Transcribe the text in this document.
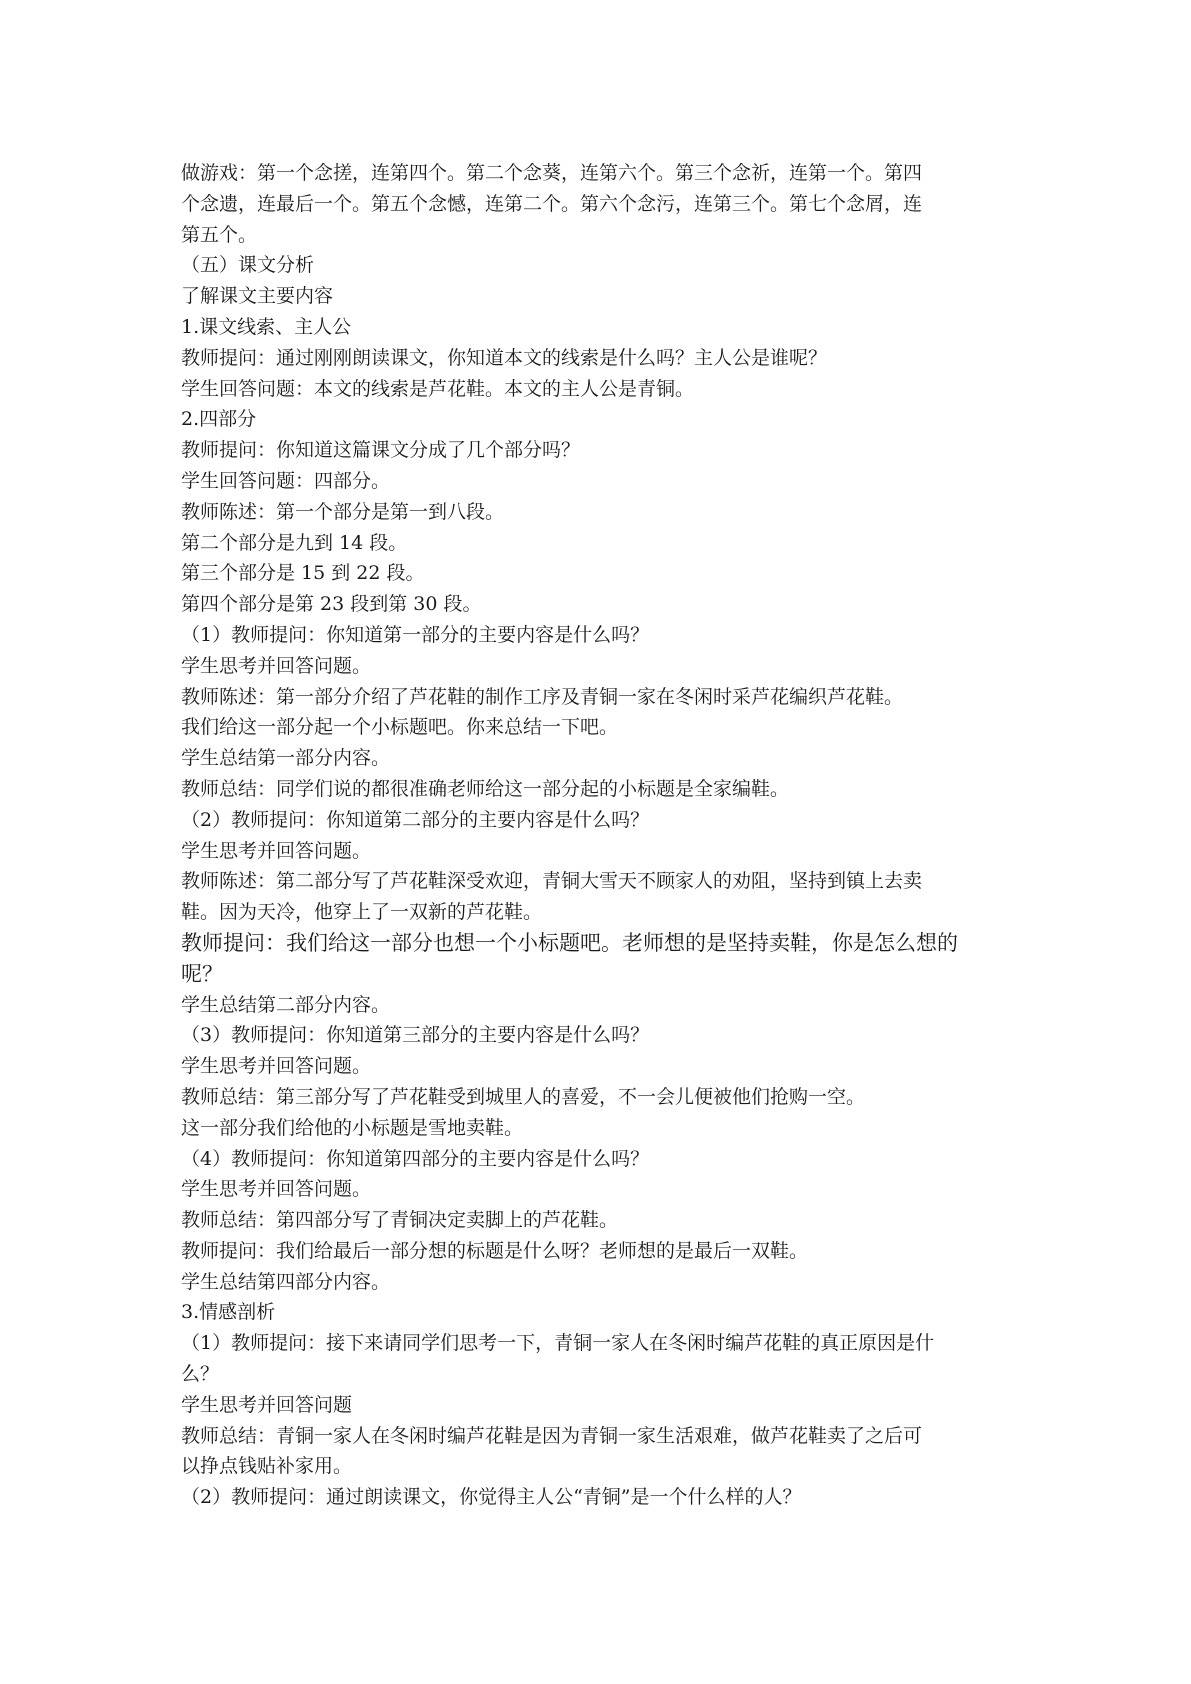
做游戏：第一个念搓，连第四个。第二个念葵，连第六个。第三个念祈，连第一个。第四
个念遗，连最后一个。第五个念憾，连第二个。第六个念污，连第三个。第七个念屑，连
第五个。
（五）课文分析
了解课文主要内容
1.课文线索、主人公
教师提问：通过刚刚朗读课文，你知道本文的线索是什么吗？主人公是谁呢？
学生回答问题：本文的线索是芦花鞋。本文的主人公是青铜。
2.四部分
教师提问：你知道这篇课文分成了几个部分吗？
学生回答问题：四部分。
教师陈述：第一个部分是第一到八段。
第二个部分是九到 14 段。
第三个部分是 15 到 22 段。
第四个部分是第 23 段到第 30 段。
（1）教师提问：你知道第一部分的主要内容是什么吗？
学生思考并回答问题。
教师陈述：第一部分介绍了芦花鞋的制作工序及青铜一家在冬闲时采芦花编织芦花鞋。
我们给这一部分起一个小标题吧。你来总结一下吧。
学生总结第一部分内容。
教师总结：同学们说的都很准确老师给这一部分起的小标题是全家编鞋。
（2）教师提问：你知道第二部分的主要内容是什么吗？
学生思考并回答问题。
教师陈述：第二部分写了芦花鞋深受欢迎，青铜大雪天不顾家人的劝阻，坚持到镇上去卖
鞋。因为天冷，他穿上了一双新的芦花鞋。
教师提问：我们给这一部分也想一个小标题吧。老师想的是坚持卖鞋，你是怎么想的
呢？
学生总结第二部分内容。
（3）教师提问：你知道第三部分的主要内容是什么吗？
学生思考并回答问题。
教师总结：第三部分写了芦花鞋受到城里人的喜爱，不一会儿便被他们抢购一空。
这一部分我们给他的小标题是雪地卖鞋。
（4）教师提问：你知道第四部分的主要内容是什么吗？
学生思考并回答问题。
教师总结：第四部分写了青铜决定卖脚上的芦花鞋。
教师提问：我们给最后一部分想的标题是什么呀？老师想的是最后一双鞋。
学生总结第四部分内容。
3.情感剖析
（1）教师提问：接下来请同学们思考一下，青铜一家人在冬闲时编芦花鞋的真正原因是什
么？
学生思考并回答问题
教师总结：青铜一家人在冬闲时编芦花鞋是因为青铜一家生活艰难，做芦花鞋卖了之后可
以挣点钱贴补家用。
（2）教师提问：通过朗读课文，你觉得主人公“青铜”是一个什么样的人？
